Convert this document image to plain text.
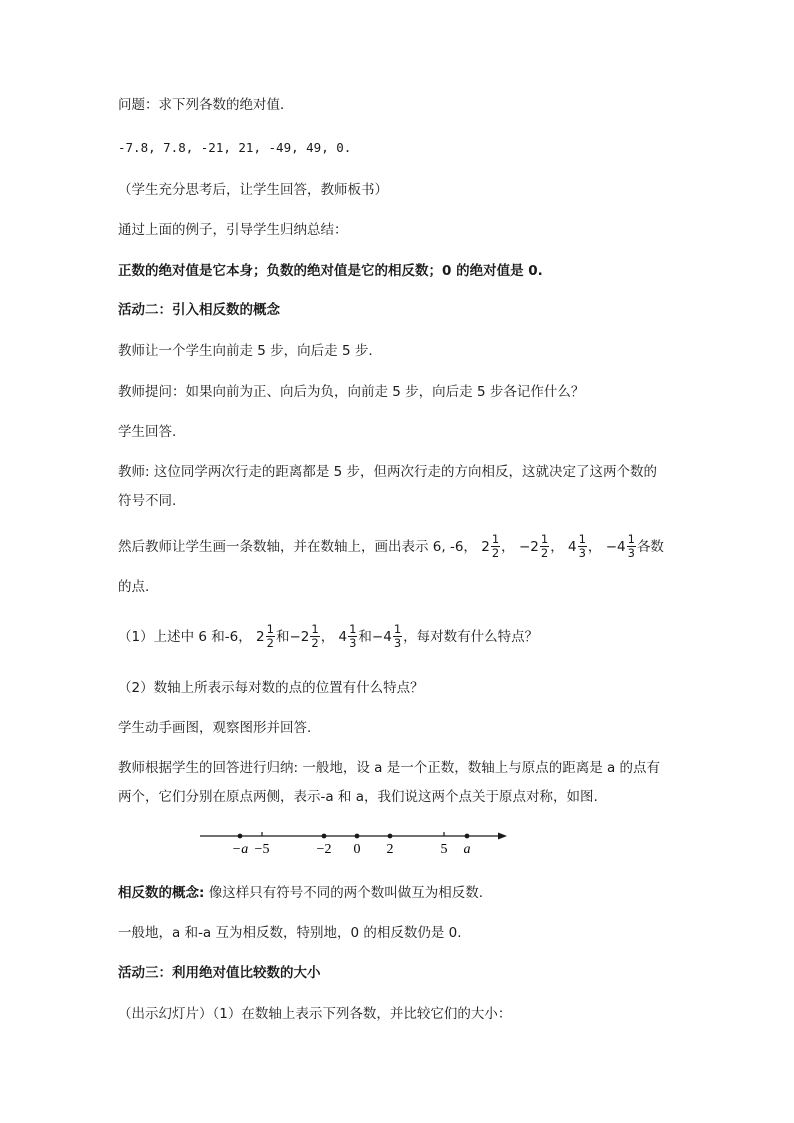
问题：求下列各数的绝对值．
-7.8, 7.8, -21, 21, -49, 49, 0.
（学生充分思考后，让学生回答，教师板书）
通过上面的例子，引导学生归纳总结：
正数的绝对值是它本身；负数的绝对值是它的相反数；0 的绝对值是 0.
活动二：引入相反数的概念
教师让一个学生向前走 5 步，向后走 5 步.
教师提问：如果向前为正、向后为负，向前走 5 步，向后走 5 步各记作什么？
学生回答.
教师: 这位同学两次行走的距离都是 5 步，但两次行走的方向相反，这就决定了这两个数的
符号不同.
然后教师让学生画一条数轴，并在数轴上，画出表示 6, -6， $2 \frac{1}{2}$ ， $-2 \frac{1}{2}$ ， $4 \frac{1}{3}$ ， $-4 \frac{1}{3}$ 各数
的点.
（1）上述中 6 和-6， $2 \frac{1}{2}$ 和$-2 \frac{1}{2}$ ， $4 \frac{1}{3}$ 和$-4 \frac{1}{3}$ ，每对数有什么特点？
（2）数轴上所表示每对数的点的位置有什么特点？
学生动手画图，观察图形并回答.
教师根据学生的回答进行归纳: 一般地，设 a 是一个正数，数轴上与原点的距离是 a 的点有
两个，它们分别在原点两侧，表示-a 和 a，我们说这两个点关于原点对称，如图.
−a −5	−2 0 2	5 a
相反数的概念: 像这样只有符号不同的两个数叫做互为相反数.
一般地，a 和-a 互为相反数，特别地，0 的相反数仍是 0.
活动三：利用绝对值比较数的大小
（出示幻灯片）（1）在数轴上表示下列各数，并比较它们的大小：
